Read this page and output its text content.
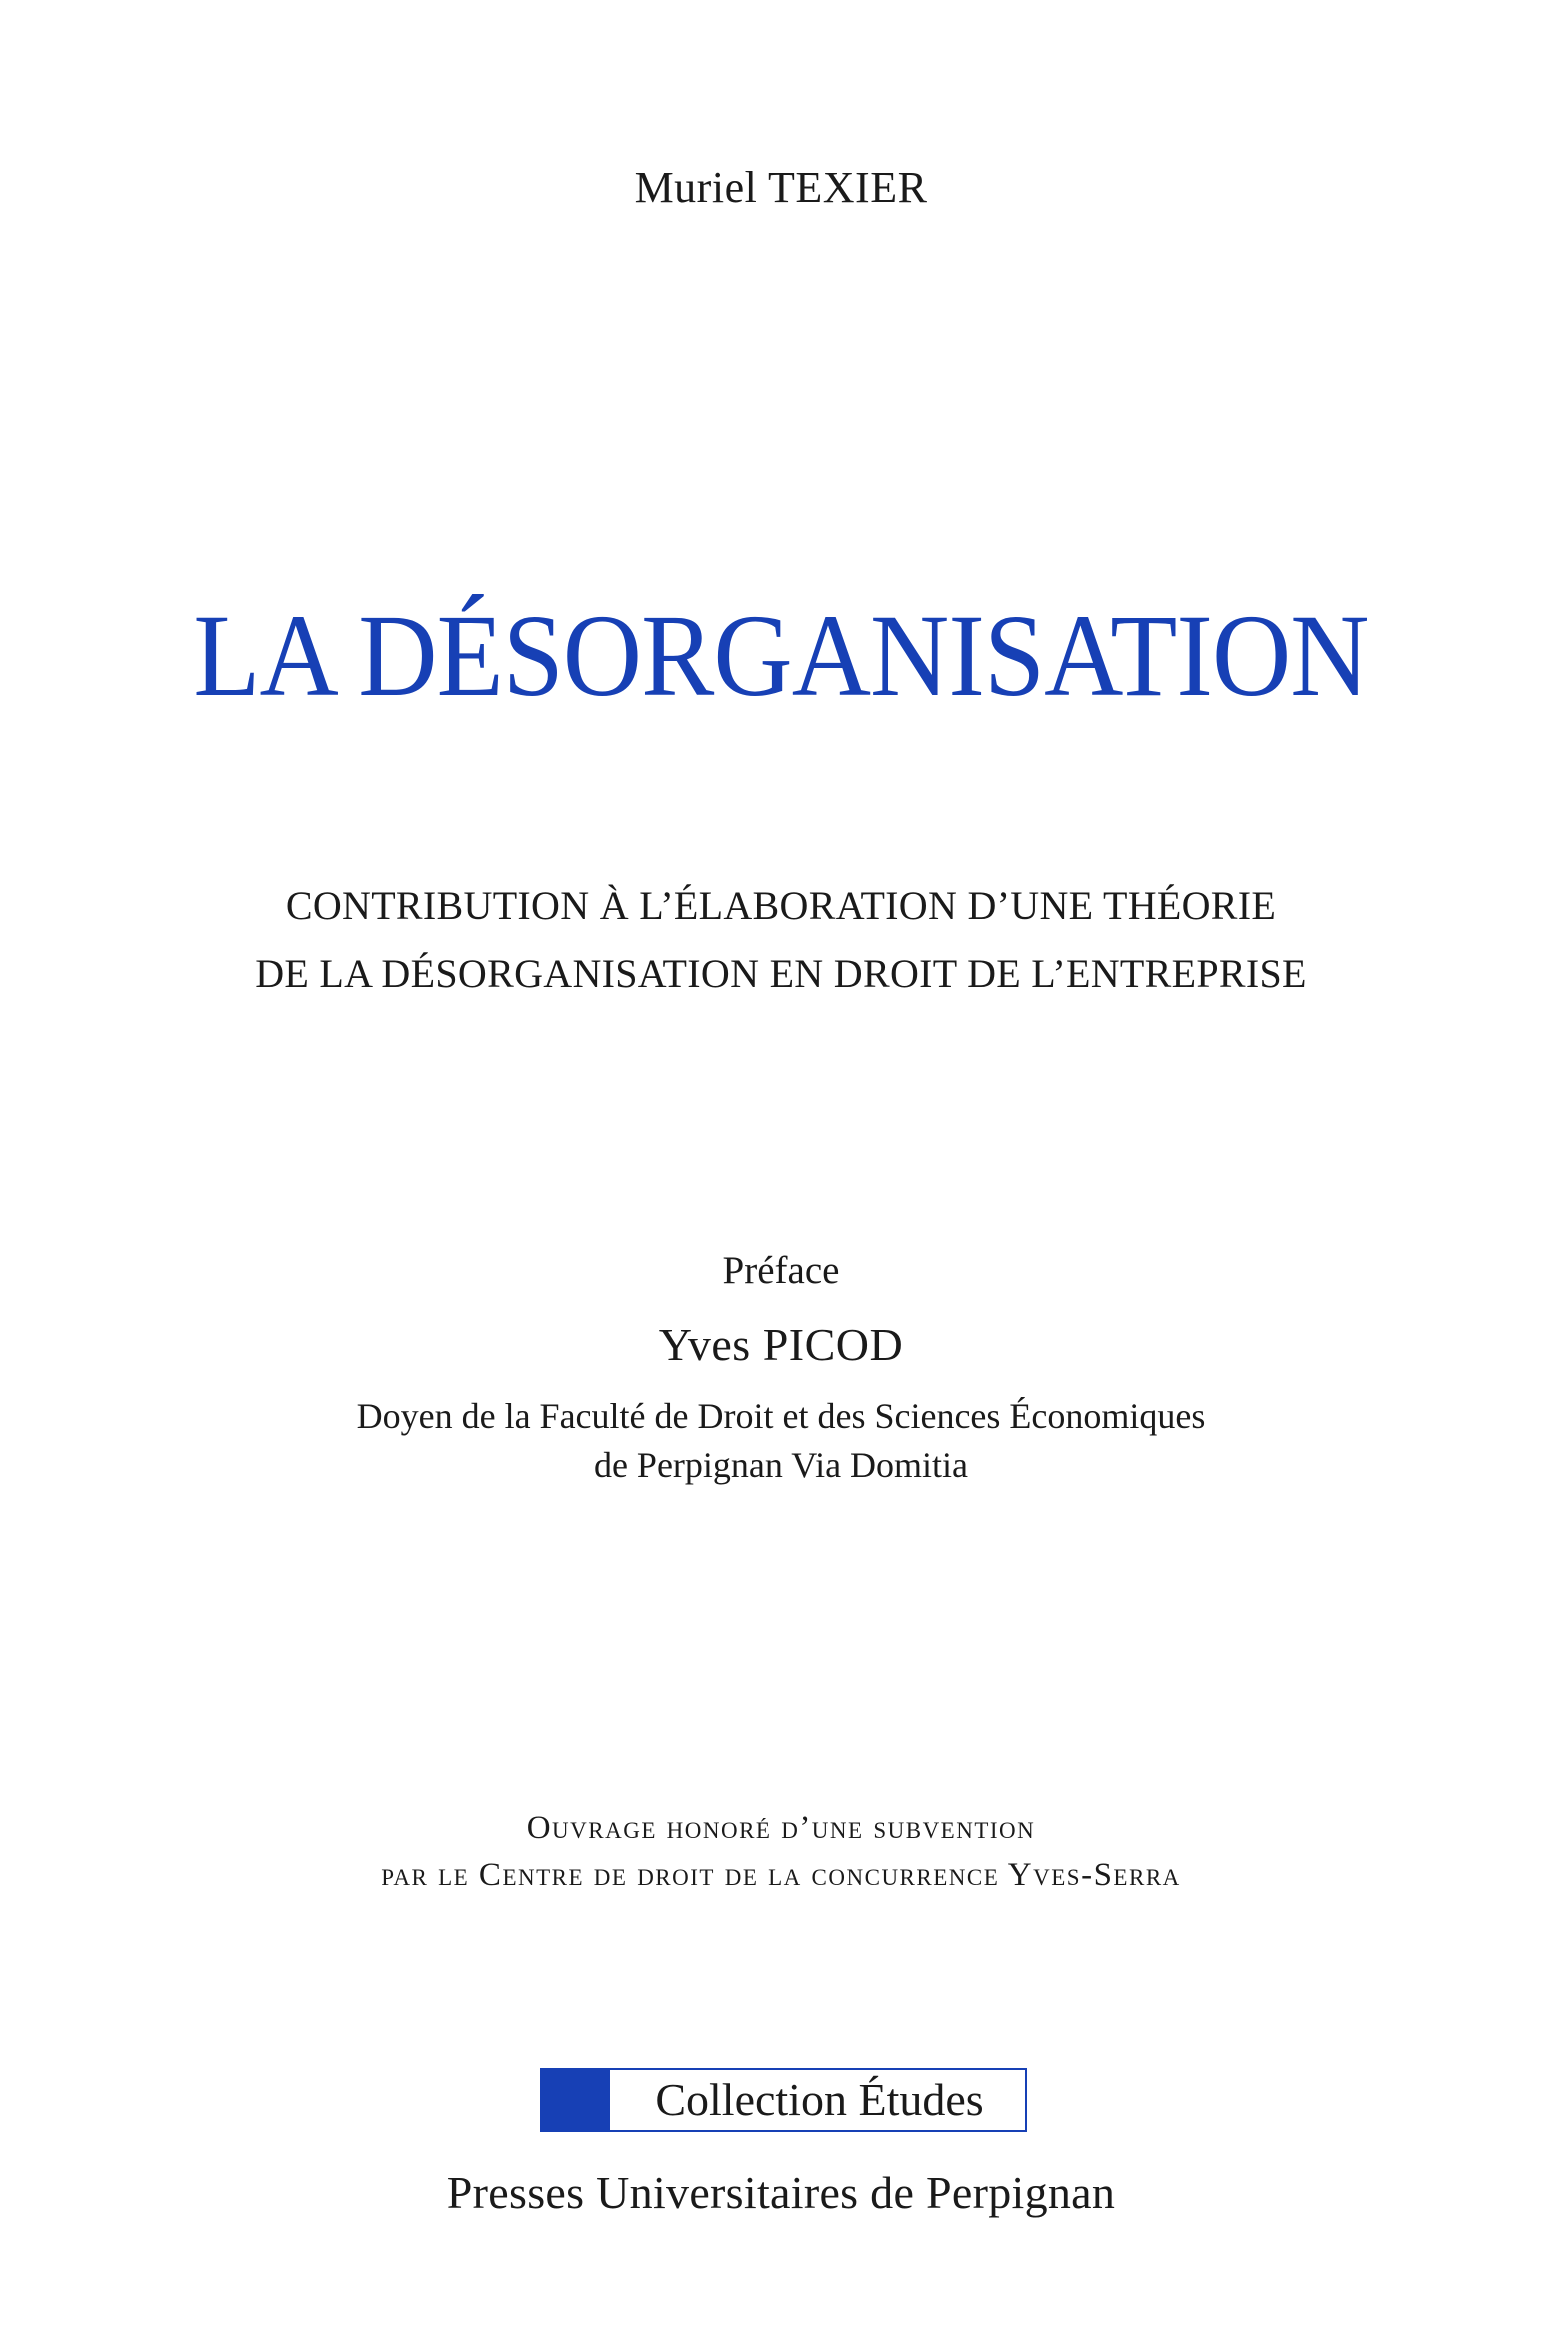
Muriel TEXIER
LA DÉSORGANISATION
CONTRIBUTION À L’ÉLABORATION D’UNE THÉORIE
DE LA DÉSORGANISATION EN DROIT DE L’ENTREPRISE
Préface
Yves PICOD
Doyen de la Faculté de Droit et des Sciences Économiques
de Perpignan Via Domitia
Ouvrage honoré d’une subvention
par le Centre de droit de la concurrence Yves-Serra
Collection Études
Presses Universitaires de Perpignan
